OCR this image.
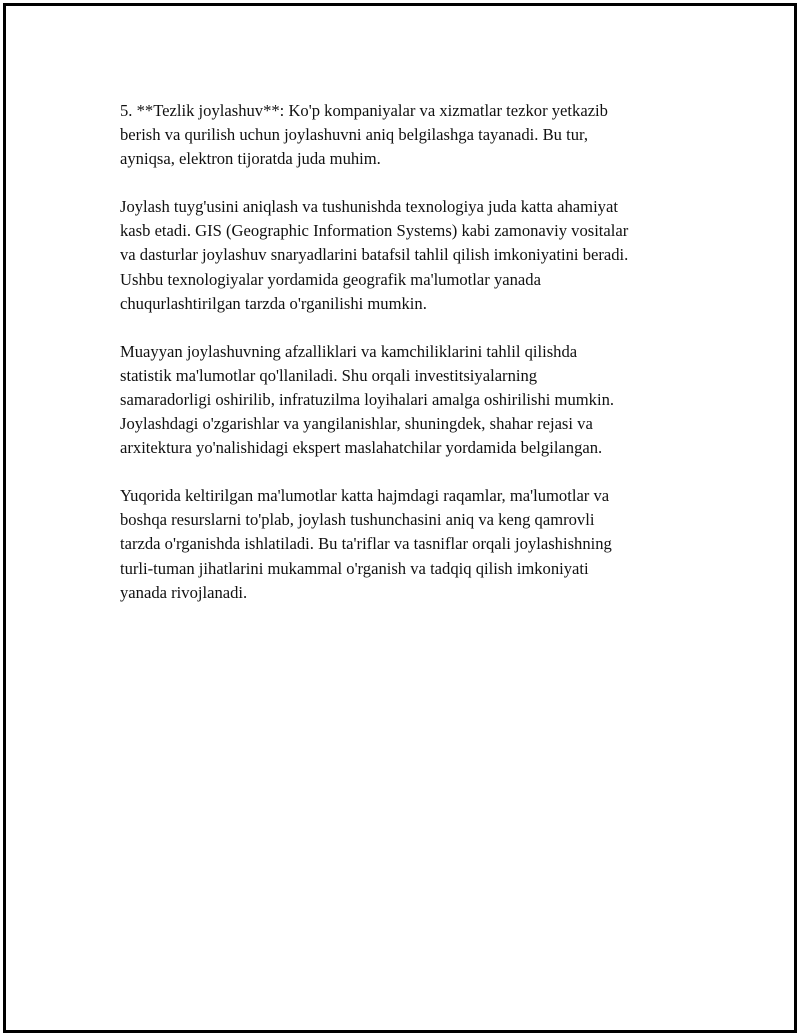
5. **Tezlik joylashuv**: Ko'p kompaniyalar va xizmatlar tezkor yetkazib
berish va qurilish uchun joylashuvni aniq belgilashga tayanadi. Bu tur,
ayniqsa, elektron tijoratda juda muhim.

Joylash tuyg'usini aniqlash va tushunishda texnologiya juda katta ahamiyat
kasb etadi. GIS (Geographic Information Systems) kabi zamonaviy vositalar
va dasturlar joylashuv snaryadlarini batafsil tahlil qilish imkoniyatini beradi.
Ushbu texnologiyalar yordamida geografik ma'lumotlar yanada
chuqurlashtirilgan tarzda o'rganilishi mumkin.

Muayyan joylashuvning afzalliklari va kamchiliklarini tahlil qilishda
statistik ma'lumotlar qo'llaniladi. Shu orqali investitsiyalarning
samaradorligi oshirilib, infratuzilma loyihalari amalga oshirilishi mumkin.
Joylashdagi o'zgarishlar va yangilanishlar, shuningdek, shahar rejasi va
arxitektura yo'nalishidagi ekspert maslahatchilar yordamida belgilangan.

Yuqorida keltirilgan ma'lumotlar katta hajmdagi raqamlar, ma'lumotlar va
boshqa resurslarni to'plab, joylash tushunchasini aniq va keng qamrovli
tarzda o'rganishda ishlatiladi. Bu ta'riflar va tasniflar orqali joylashishning
turli-tuman jihatlarini mukammal o'rganish va tadqiq qilish imkoniyati
yanada rivojlanadi.
